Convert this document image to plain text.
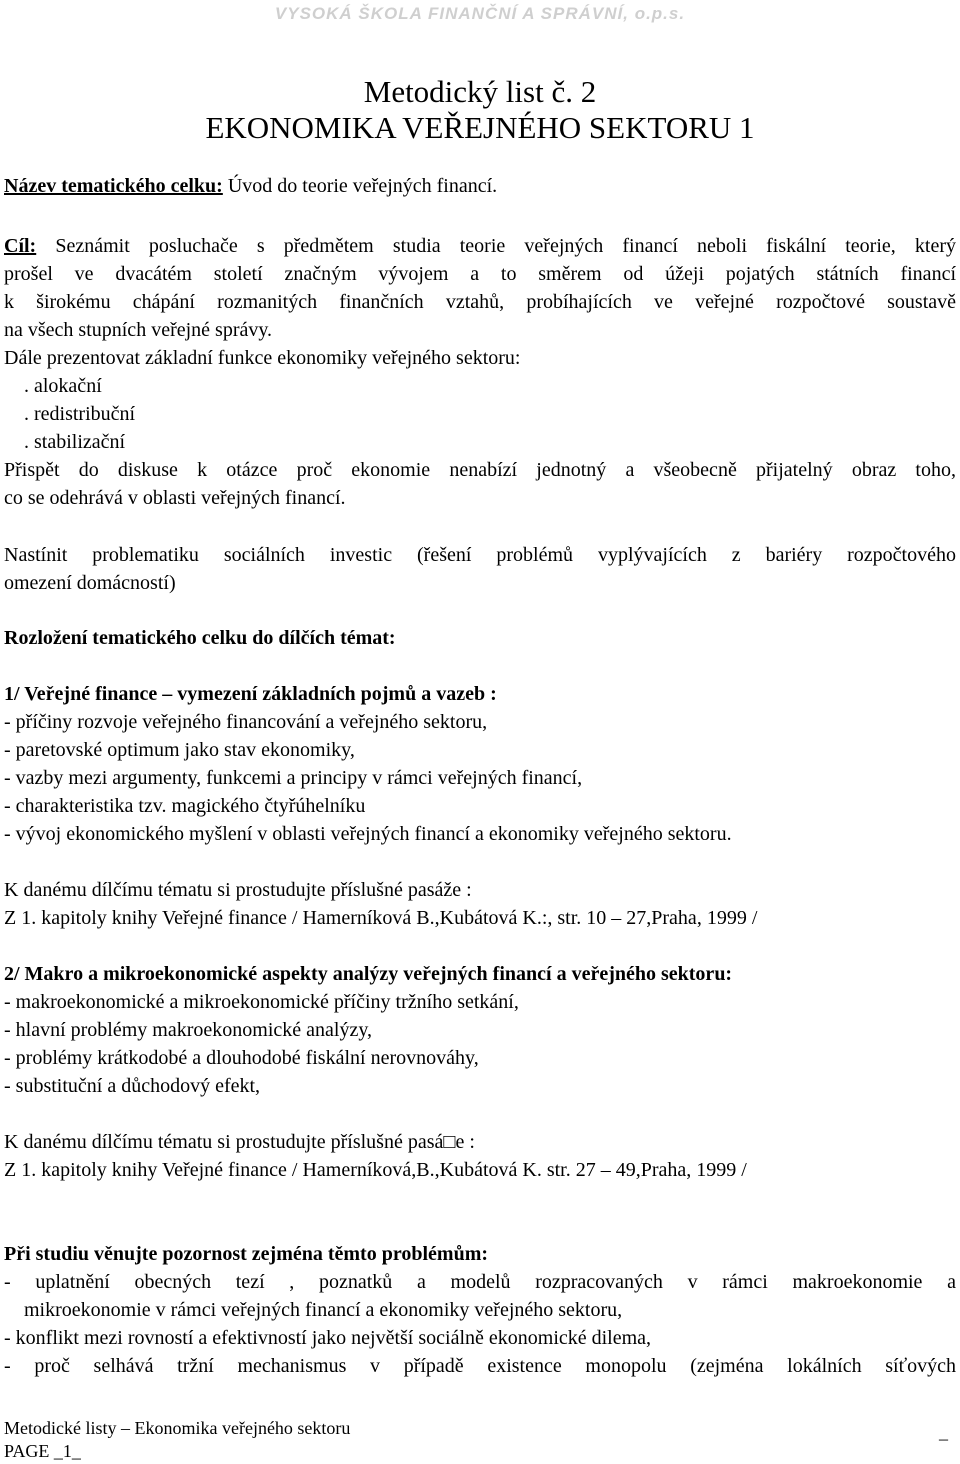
VYSOKÁ ŠKOLA FINANČNÍ A SPRÁVNÍ, o.p.s.
Metodický list č. 2
EKONOMIKA VEŘEJNÉHO SEKTORU 1
Název tematického celku: Úvod do teorie veřejných financí.
Cíl: Seznámit posluchače s předmětem studia teorie veřejných financí neboli fiskální teorie, který
prošel ve dvacátém století značným vývojem a to směrem od úžeji pojatých státních financí
k širokému chápání rozmanitých finančních vztahů, probíhajících ve veřejné rozpočtové soustavě
na všech stupních veřejné správy.
Dále prezentovat základní funkce ekonomiky veřejného sektoru:
. alokační
. redistribuční
. stabilizační
Přispět do diskuse k otázce proč ekonomie nenabízí jednotný a všeobecně přijatelný obraz toho,
co se odehrává v oblasti veřejných financí.
Nastínit problematiku sociálních investic (řešení problémů vyplývajících z bariéry rozpočtového
omezení domácností)
Rozložení tematického celku do dílčích témat:
1/ Veřejné finance – vymezení základních pojmů a vazeb :
- příčiny rozvoje veřejného financování a veřejného sektoru,
- paretovské optimum jako stav ekonomiky,
- vazby mezi argumenty, funkcemi a principy v rámci veřejných financí,
- charakteristika tzv. magického čtyřúhelníku
- vývoj ekonomického myšlení v oblasti veřejných financí a ekonomiky veřejného sektoru.
K danému dílčímu tématu si prostudujte příslušné pasáže :
Z 1. kapitoly knihy Veřejné finance / Hamerníková B.,Kubátová K.:, str. 10 – 27,Praha, 1999 /
2/ Makro a mikroekonomické aspekty analýzy veřejných financí a veřejného sektoru:
- makroekonomické a mikroekonomické příčiny tržního setkání,
- hlavní problémy makroekonomické analýzy,
- problémy krátkodobé a dlouhodobé fiskální nerovnováhy,
- substituční a důchodový efekt,
K danému dílčímu tématu si prostudujte příslušné pasá□e :
Z 1. kapitoly knihy Veřejné finance / Hamerníková,B.,Kubátová K. str. 27 – 49,Praha, 1999 /
Při studiu věnujte pozornost zejména těmto problémům:
- uplatnění obecných tezí , poznatků a modelů rozpracovaných v rámci makroekonomie a
mikroekonomie v rámci veřejných financí a ekonomiky veřejného sektoru,
- konflikt mezi rovností a efektivností jako největší sociálně ekonomické dilema,
- proč selhává tržní mechanismus v případě existence monopolu (zejména lokálních síťových
Metodické listy – Ekonomika veřejného sektoru
PAGE _1_
_
